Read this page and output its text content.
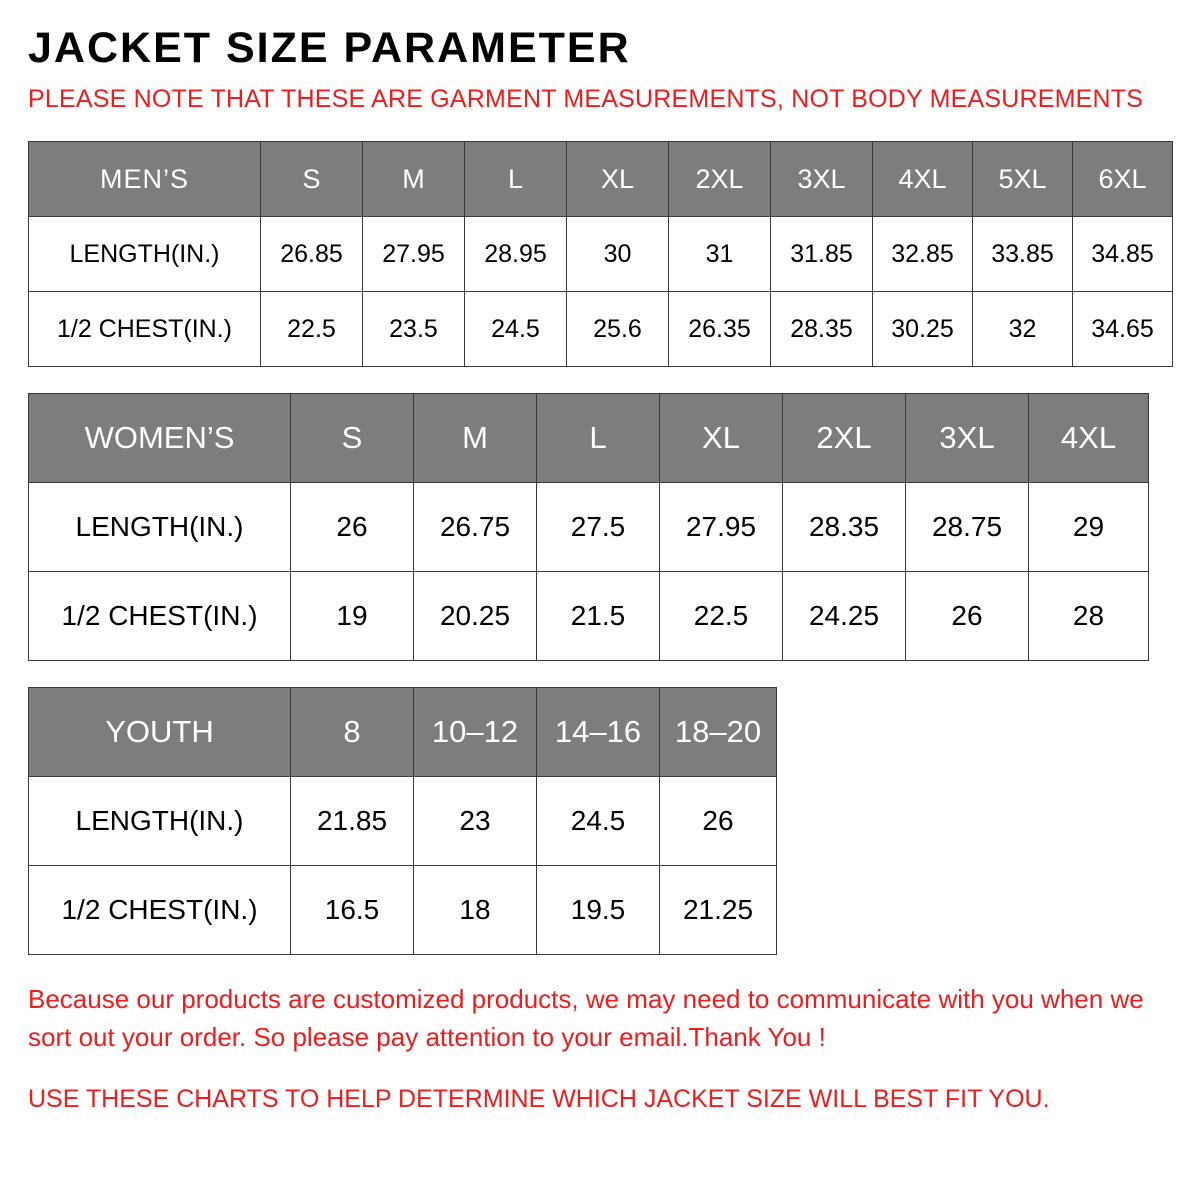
JACKET SIZE PARAMETER

PLEASE NOTE THAT THESE ARE GARMENT MEASUREMENTS, NOT BODY MEASUREMENTS

MEN’S	S	M	L	XL	2XL	3XL	4XL	5XL	6XL
LENGTH(IN.)	26.85	27.95	28.95	30	31	31.85	32.85	33.85	34.85
1/2 CHEST(IN.)	22.5	23.5	24.5	25.6	26.35	28.35	30.25	32	34.65
WOMEN’S	S	M	L	XL	2XL	3XL	4XL
LENGTH(IN.)	26	26.75	27.5	27.95	28.35	28.75	29
1/2 CHEST(IN.)	19	20.25	21.5	22.5	24.25	26	28
YOUTH	8	10–12	14–16	18–20
LENGTH(IN.)	21.85	23	24.5	26
1/2 CHEST(IN.)	16.5	18	19.5	21.25

Because our products are customized products, we may need to communicate with you when we sort out your order. So please pay attention to your email.Thank You !

USE THESE CHARTS TO HELP DETERMINE WHICH JACKET SIZE WILL BEST FIT YOU.
